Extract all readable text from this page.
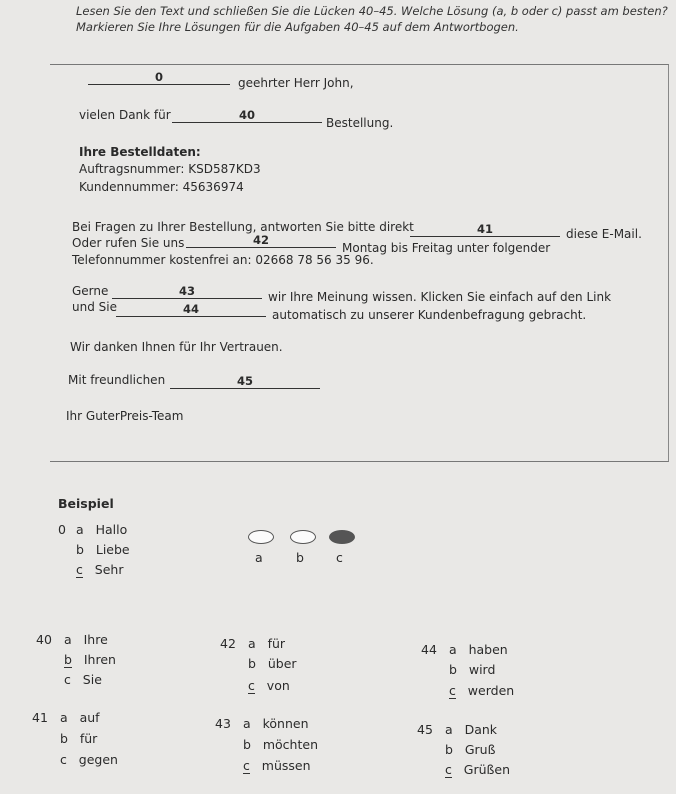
Lesen Sie den Text und schließen Sie die Lücken 40–45. Welche Lösung (a, b oder c) passt am besten?
Markieren Sie Ihre Lösungen für die Aufgaben 40–45 auf dem Antwortbogen.
0	geehrter Herr John,
vielen Dank für	40
Bestellung.
Ihre Bestelldaten:
Auftragsnummer: KSD587KD3
Kundennummer: 45636974
Bei Fragen zu Ihrer Bestellung, antworten Sie bitte direkt	41	diese E-Mail.
Oder rufen Sie uns	42
Montag bis Freitag unter folgender
Telefonnummer kostenfrei an: 02668 78 56 35 96.
Gerne	43	wir Ihre Meinung wissen. Klicken Sie einfach auf den Link
und Sie	44	automatisch zu unserer Kundenbefragung gebracht.
Wir danken Ihnen für Ihr Vertrauen.
Mit freundlichen	45
Ihr GuterPreis-Team
Beispiel
0 a Hallo
b Liebe
c Sehr
a	b	c
40 a Ihre
b Ihren
c Sie
42 a für
b über
c von
44 a haben
b wird
c werden
41 a auf
b für
c gegen
43 a können
b möchten
c müssen
45 a Dank
b Gruß
c Grüßen
